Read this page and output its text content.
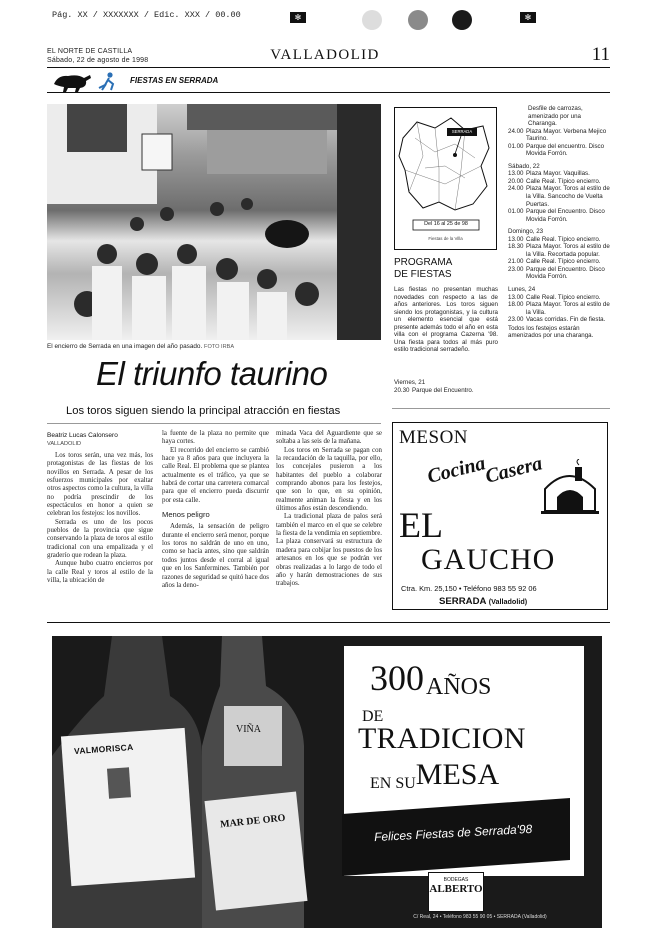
Pág. XX / XXXXXXX / Edic. XXX / 00.00	✻	✻
EL NORTE DE CASTILLA
Sábado, 22 de agosto de 1998	VALLADOLID	11
FIESTAS EN SERRADA
El encierro de Serrada en una imagen del año pasado. FOTO IRBA
El triunfo taurino
Los toros siguen siendo la principal atracción en fiestas
Beatriz Lucas Calonsero
VALLADOLID

Los toros serán, una vez más, los protagonistas de las fiestas de los novillos en Serrada. A pesar de los esfuerzos municipales por exaltar otros aspectos como la cultura, la villa no podría prescindir de los espectáculos en honor a quien se celebran los festejos: los novillos.

Serrada es uno de los pocos pueblos de la provincia que sigue conservando la plaza de toros al estilo tradicional con una empalizada y el graderío que rodean la plaza.

Aunque hubo cuatro encierros por la calle Real y toros al estilo de la villa, la ubicación de

la fuente de la plaza no permite que haya cortes.

El recorrido del encierro se cambió hace ya 8 años para que incluyera la calle Real. El problema que se plantea actualmente es el tráfico, ya que se habrá de cortar una carretera comarcal para que el encierro pueda discurrir por esta calle.

Menos peligro

Además, la sensación de peligro durante el encierro será menor, porque los toros no saldrán de uno en uno, como se hacía antes, sino que saldrán todos juntos desde el corral al igual que en los Sanfermines. También por razones de seguridad se quitó hace dos años la deno-

minada Vaca del Aguardiente que se soltaba a las seis de la mañana.

Los toros en Serrada se pagan con la recaudación de la taquilla, por ello, los concejales pusieron a los habitantes del pueblo a colaborar comprando abonos para los festejos, que son lo que, en su opinión, realmente animan la fiesta y en los últimos años están descendiendo.

La tradicional plaza de palos será también el marco en el que se celebre la fiesta de la vendimia en septiembre. La plaza conservará su estructura de madera para cobijar los puestos de los artesanos en los que se podrán ver obras realizadas a lo largo de todo el año y harán demostraciones de sus trabajos.

SERRADA
Del 16 al 25 de 98
Fiestas de la Villa
PROGRAMA
DE FIESTAS
Las fiestas no presentan muchas novedades con respecto a las de años anteriores. Los toros siguen siendo los protagonistas, y la cultura un elemento esencial que está presente además todo el año en esta villa con el programa Cazerna '98. Una fiesta para todos al más puro estilo tradicional serradeño.
Viernes, 21
20.30 Parque del Encuentro.
Desfile de carrozas, amenizado por una Charanga.
24.00 Plaza Mayor. Verbena Mejico Taurino.
01.00 Parque del encuentro. Disco Movida Forrón.
Sábado, 22
13.00 Plaza Mayor. Vaquillas.
20.00 Calle Real. Típico encierro.
24.00 Plaza Mayor. Toros al estilo de la Villa. Sancocho de Vuelta Puertas.
01.00 Parque del Encuentro. Disco Movida Forrón.
Domingo, 23
13.00 Calle Real. Típico encierro.
18.30 Plaza Mayor. Toros al estilo de la Villa. Recortada popular.
21.00 Calle Real. Típico encierro.
23.00 Parque del Encuentro. Disco Movida Forrón.
Lunes, 24
13.00 Calle Real. Típico encierro.
18.00 Plaza Mayor. Toros al estilo de la Villa.
23.00 Vacas corridas. Fin de fiesta.
Todos los festejos estarán amenizados por una charanga.
MESON
Cocina
Casera
EL
GAUCHO
Ctra. Km. 25,150 • Teléfono 983 55 92 06
SERRADA (Valladolid)
VALMORISCA
MAR DE ORO
VIÑA
300AÑOS
DE
TRADICION
EN SUMESA
Felices Fiestas de Serrada'98
BODEGAS
ALBERTO
C/ Real, 24 • Teléfono 983 55 90 05 • SERRADA (Valladolid)
